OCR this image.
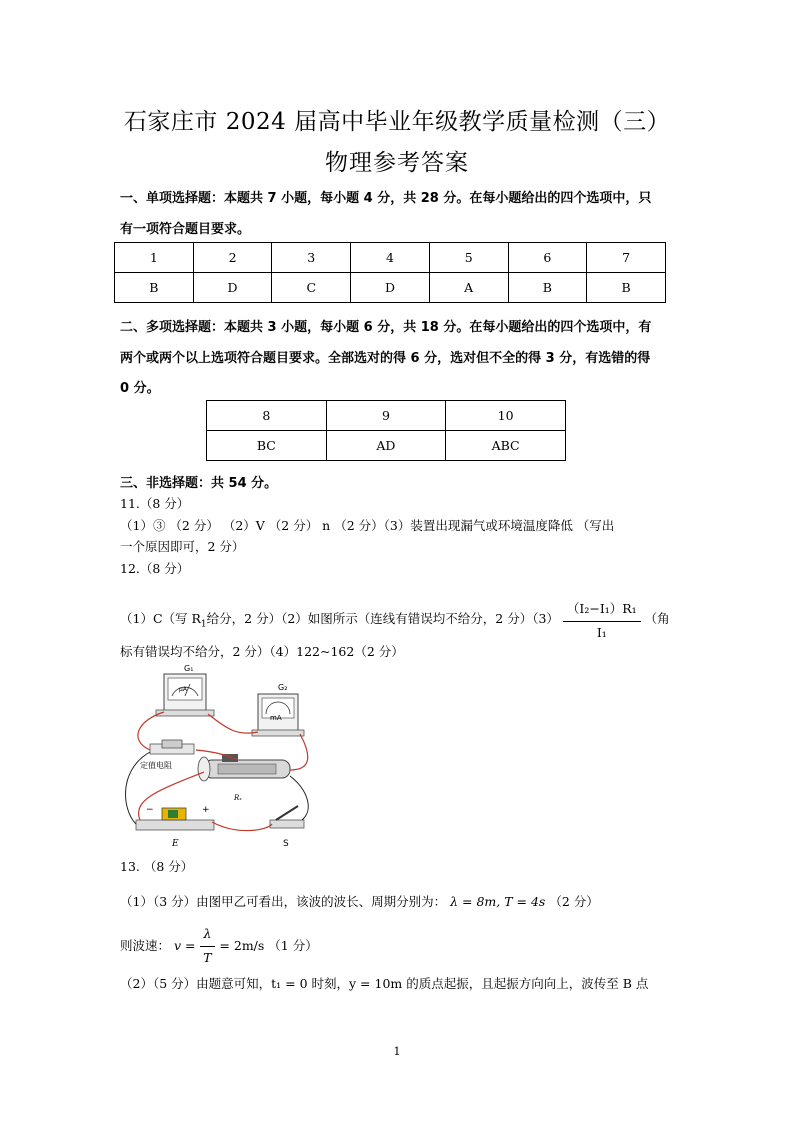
石家庄市 2024 届高中毕业年级教学质量检测（三）
物理参考答案
一、单项选择题：本题共 7 小题，每小题 4 分，共 28 分。在每小题给出的四个选项中，只
有一项符合题目要求。
1	2	3	4	5	6	7
B	D	C	D	A	B	B
二、多项选择题：本题共 3 小题，每小题 6 分，共 18 分。在每小题给出的四个选项中，有
两个或两个以上选项符合题目要求。全部选对的得 6 分，选对但不全的得 3 分，有选错的得
0 分。
8	9	10
BC	AD	ABC
三、非选择题：共 54 分。
11.（8 分）
（1）③ （2 分） （2）V （2 分） n （2 分）（3）装置出现漏气或环境温度降低 （写出
一个原因即可，2 分）
12.（8 分）
（1）C（写 $R_1$给分，2 分）（2）如图所示（连线有错误均不给分，2 分）$(3) \frac{\text{（I₂−I₁）R₁}}{\text{I₁}}$ （角
标有错误均不给分，2 分）（4）122~162（2 分）
G₁
μA	G₂
mA
定值电阻
Rₓ
−	+
E	S
13. （8 分）
（1）（3 分）由图甲乙可看出，该波的波长、周期分别为： λ = 8m, T = 4s （2 分）
则波速： $v = \frac{\lambda}{T} = 2m/s$ （1 分）
（2）（5 分）由题意可知，t₁ = 0 时刻，y = 10m 的质点起振，且起振方向向上，波传至 B 点
1
